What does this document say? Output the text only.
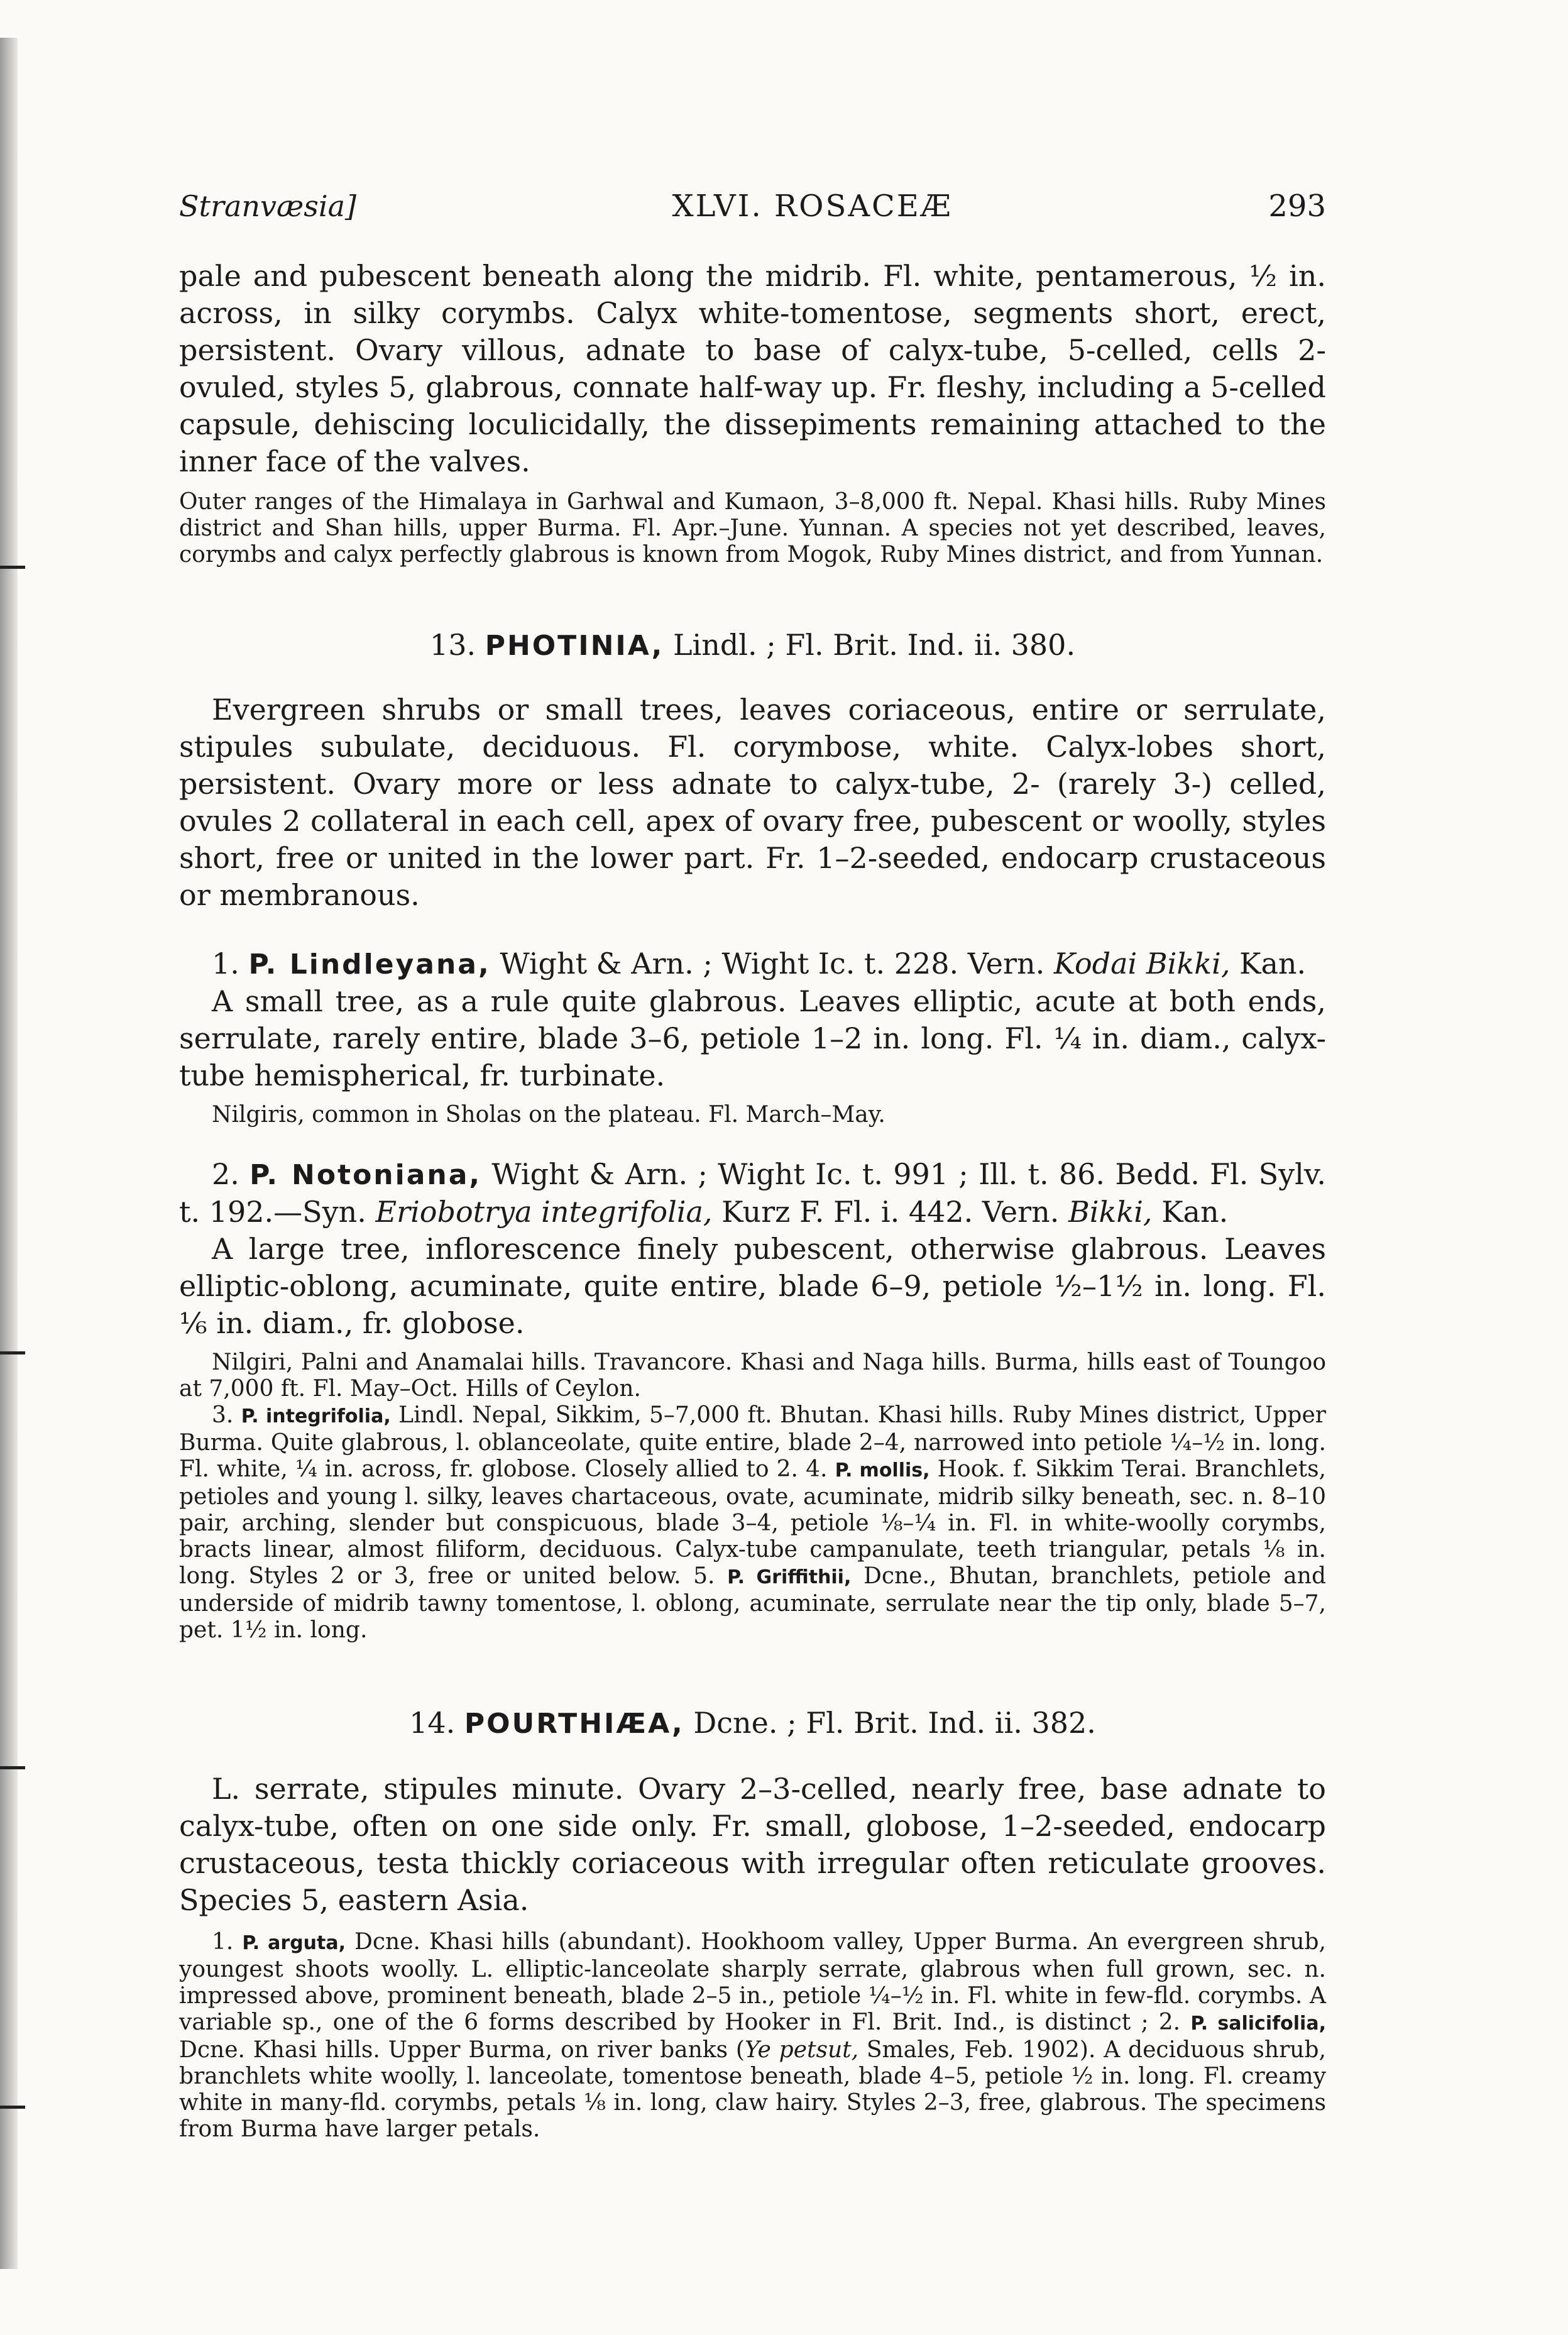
Stranvæsia]	XLVI. ROSACEÆ	293

pale and pubescent beneath along the midrib. Fl. white, pentamerous, ½ in. across, in silky corymbs. Calyx white-tomentose, segments short, erect, persistent. Ovary villous, adnate to base of calyx-tube, 5-celled, cells 2-ovuled, styles 5, glabrous, connate half-way up. Fr. fleshy, including a 5-celled capsule, dehiscing loculicidally, the dissepiments remaining attached to the inner face of the valves.

Outer ranges of the Himalaya in Garhwal and Kumaon, 3–8,000 ft. Nepal. Khasi hills. Ruby Mines district and Shan hills, upper Burma. Fl. Apr.–June. Yunnan. A species not yet described, leaves, corymbs and calyx perfectly glabrous is known from Mogok, Ruby Mines district, and from Yunnan.

13. PHOTINIA, Lindl. ; Fl. Brit. Ind. ii. 380.

Evergreen shrubs or small trees, leaves coriaceous, entire or serrulate, stipules subulate, deciduous. Fl. corymbose, white. Calyx-lobes short, persistent. Ovary more or less adnate to calyx-tube, 2- (rarely 3-) celled, ovules 2 collateral in each cell, apex of ovary free, pubescent or woolly, styles short, free or united in the lower part. Fr. 1–2-seeded, endocarp crustaceous or membranous.

1. P. Lindleyana, Wight & Arn. ; Wight Ic. t. 228. Vern. Kodai Bikki, Kan.

A small tree, as a rule quite glabrous. Leaves elliptic, acute at both ends, serrulate, rarely entire, blade 3–6, petiole 1–2 in. long. Fl. ¼ in. diam., calyx-tube hemispherical, fr. turbinate.

Nilgiris, common in Sholas on the plateau. Fl. March–May.

2. P. Notoniana, Wight & Arn. ; Wight Ic. t. 991 ; Ill. t. 86. Bedd. Fl. Sylv. t. 192.—Syn. Eriobotrya integrifolia, Kurz F. Fl. i. 442. Vern. Bikki, Kan.

A large tree, inflorescence finely pubescent, otherwise glabrous. Leaves elliptic-oblong, acuminate, quite entire, blade 6–9, petiole ½–1½ in. long. Fl. ⅙ in. diam., fr. globose.

Nilgiri, Palni and Anamalai hills. Travancore. Khasi and Naga hills. Burma, hills east of Toungoo at 7,000 ft. Fl. May–Oct. Hills of Ceylon.

3. P. integrifolia, Lindl. Nepal, Sikkim, 5–7,000 ft. Bhutan. Khasi hills. Ruby Mines district, Upper Burma. Quite glabrous, l. oblanceolate, quite entire, blade 2–4, narrowed into petiole ¼–½ in. long. Fl. white, ¼ in. across, fr. globose. Closely allied to 2. 4. P. mollis, Hook. f. Sikkim Terai. Branchlets, petioles and young l. silky, leaves chartaceous, ovate, acuminate, midrib silky beneath, sec. n. 8–10 pair, arching, slender but conspicuous, blade 3–4, petiole ⅛–¼ in. Fl. in white-woolly corymbs, bracts linear, almost filiform, deciduous. Calyx-tube campanulate, teeth triangular, petals ⅛ in. long. Styles 2 or 3, free or united below. 5. P. Griffithii, Dcne., Bhutan, branchlets, petiole and underside of midrib tawny tomentose, l. oblong, acuminate, serrulate near the tip only, blade 5–7, pet. 1½ in. long.

14. POURTHIÆA, Dcne. ; Fl. Brit. Ind. ii. 382.

L. serrate, stipules minute. Ovary 2–3-celled, nearly free, base adnate to calyx-tube, often on one side only. Fr. small, globose, 1–2-seeded, endocarp crustaceous, testa thickly coriaceous with irregular often reticulate grooves. Species 5, eastern Asia.

1. P. arguta, Dcne. Khasi hills (abundant). Hookhoom valley, Upper Burma. An evergreen shrub, youngest shoots woolly. L. elliptic-lanceolate sharply serrate, glabrous when full grown, sec. n. impressed above, prominent beneath, blade 2–5 in., petiole ¼–½ in. Fl. white in few-fld. corymbs. A variable sp., one of the 6 forms described by Hooker in Fl. Brit. Ind., is distinct ; 2. P. salicifolia, Dcne. Khasi hills. Upper Burma, on river banks (Ye petsut, Smales, Feb. 1902). A deciduous shrub, branchlets white woolly, l. lanceolate, tomentose beneath, blade 4–5, petiole ½ in. long. Fl. creamy white in many-fld. corymbs, petals ⅛ in. long, claw hairy. Styles 2–3, free, glabrous. The specimens from Burma have larger petals.
